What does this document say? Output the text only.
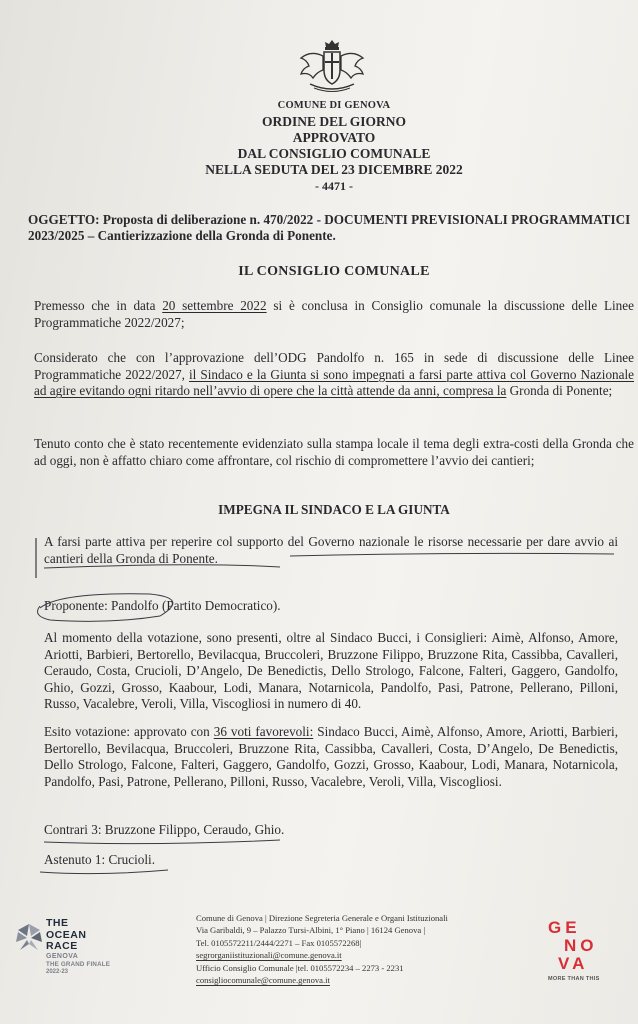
COMUNE DI GENOVA
ORDINE DEL GIORNO
APPROVATO
DAL CONSIGLIO COMUNALE
NELLA SEDUTA DEL 23 DICEMBRE 2022
- 4471 -
OGGETTO: Proposta di deliberazione n. 470/2022 - DOCUMENTI PREVISIONALI PROGRAMMATICI 2023/2025 – Cantierizzazione della Gronda di Ponente.
IL CONSIGLIO COMUNALE
Premesso che in data 20 settembre 2022 si è conclusa in Consiglio comunale la discussione delle Linee Programmatiche 2022/2027;
Considerato che con l’approvazione dell’ODG Pandolfo n. 165 in sede di discussione delle Linee Programmatiche 2022/2027, il Sindaco e la Giunta si sono impegnati a farsi parte attiva col Governo Nazionale ad agire evitando ogni ritardo nell’avvio di opere che la città attende da anni, compresa la Gronda di Ponente;
Tenuto conto che è stato recentemente evidenziato sulla stampa locale il tema degli extra-costi della Gronda che ad oggi, non è affatto chiaro come affrontare, col rischio di compromettere l’avvio dei cantieri;
IMPEGNA IL SINDACO E LA GIUNTA
A farsi parte attiva per reperire col supporto del Governo nazionale le risorse necessarie per dare avvio ai cantieri della Gronda di Ponente.
Proponente: Pandolfo (Partito Democratico).
Al momento della votazione, sono presenti, oltre al Sindaco Bucci, i Consiglieri: Aimè, Alfonso, Amore, Ariotti, Barbieri, Bertorello, Bevilacqua, Bruccoleri, Bruzzone Filippo, Bruzzone Rita, Cassibba, Cavalleri, Ceraudo, Costa, Crucioli, D’Angelo, De Benedictis, Dello Strologo, Falcone, Falteri, Gaggero, Gandolfo, Ghio, Gozzi, Grosso, Kaabour, Lodi, Manara, Notarnicola, Pandolfo, Pasi, Patrone, Pellerano, Pilloni, Russo, Vacalebre, Veroli, Villa, Viscogliosi in numero di 40.
Esito votazione: approvato con 36 voti favorevoli: Sindaco Bucci, Aimè, Alfonso, Amore, Ariotti, Barbieri, Bertorello, Bevilacqua, Bruccoleri, Bruzzone Rita, Cassibba, Cavalleri, Costa, D’Angelo, De Benedictis, Dello Strologo, Falcone, Falteri, Gaggero, Gandolfo, Gozzi, Grosso, Kaabour, Lodi, Manara, Notarnicola, Pandolfo, Pasi, Patrone, Pellerano, Pilloni, Russo, Vacalebre, Veroli, Villa, Viscogliosi.
Contrari 3: Bruzzone Filippo, Ceraudo, Ghio.
Astenuto 1: Crucioli.
THE
OCEAN
RACE
GENOVA
THE GRAND FINALE
2022-23
Comune di Genova | Direzione Segreteria Generale e Organi Istituzionali
Via Garibaldi, 9 – Palazzo Tursi-Albini, 1° Piano | 16124 Genova |
Tel. 0105572211/2444/2271 – Fax 0105572268|
segrorganiistituzionali@comune.genova.it
Ufficio Consiglio Comunale |tel. 0105572234 – 2273 - 2231
consigliocomunale@comune.genova.it
GE
NO
VA
MORE THAN THIS
